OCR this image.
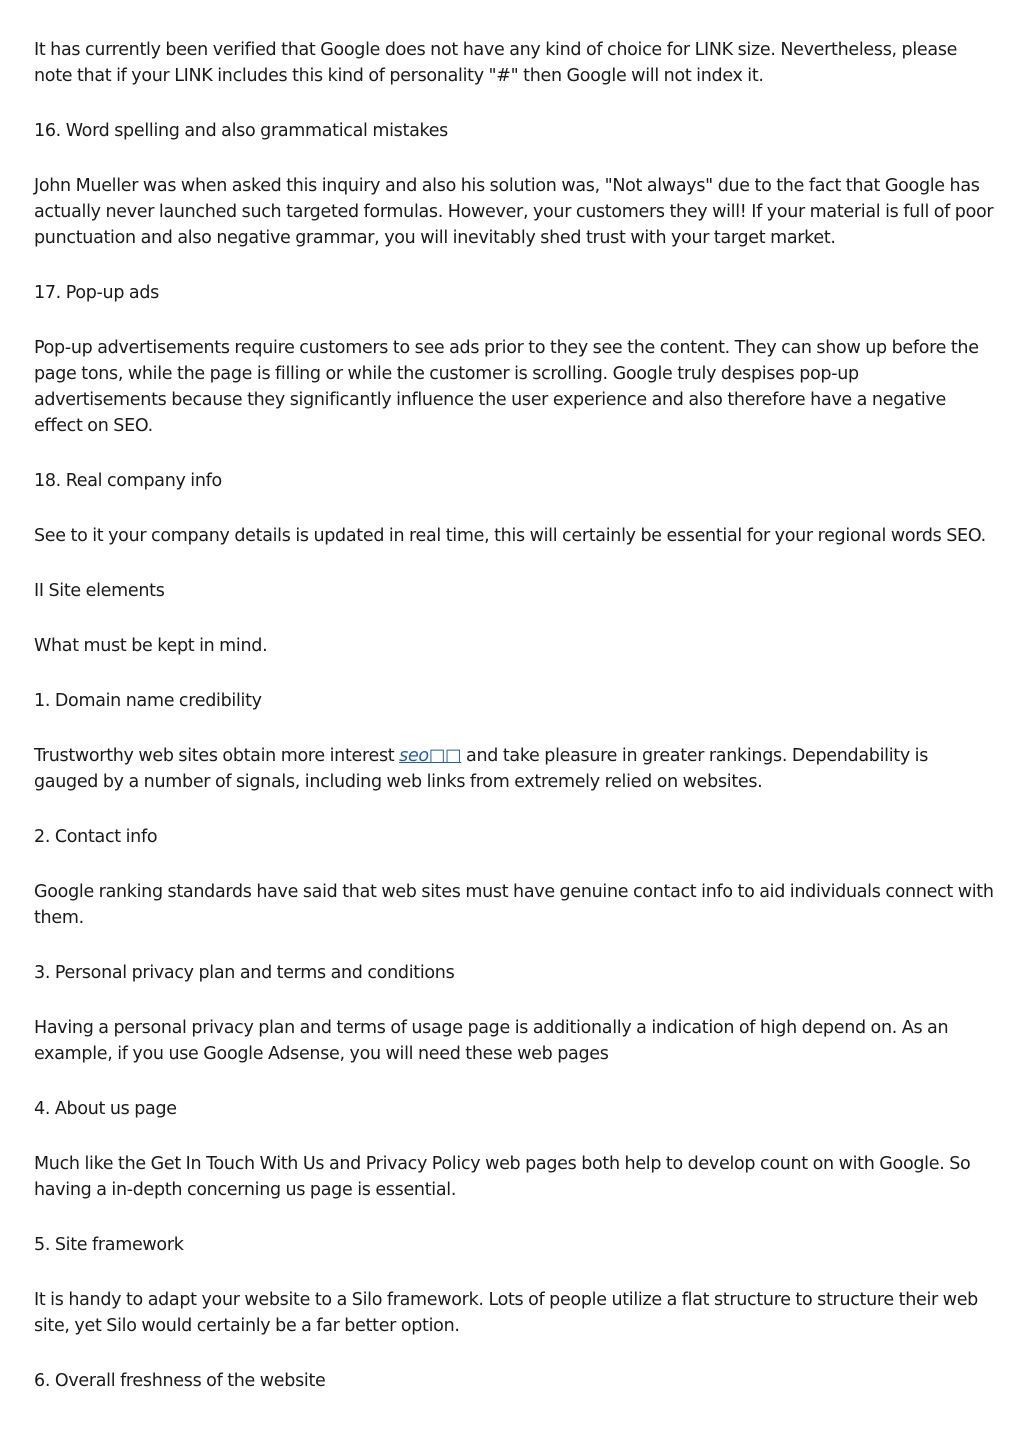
It has currently been verified that Google does not have any kind of choice for LINK size. Nevertheless, please note that if your LINK includes this kind of personality "#" then Google will not index it.

16. Word spelling and also grammatical mistakes

John Mueller was when asked this inquiry and also his solution was, "Not always" due to the fact that Google has actually never launched such targeted formulas. However, your customers they will! If your material is full of poor punctuation and also negative grammar, you will inevitably shed trust with your target market.

17. Pop-up ads

Pop-up advertisements require customers to see ads prior to they see the content. They can show up before the page tons, while the page is filling or while the customer is scrolling. Google truly despises pop-up advertisements because they significantly influence the user experience and also therefore have a negative effect on SEO.

18. Real company info

See to it your company details is updated in real time, this will certainly be essential for your regional words SEO.

II Site elements

What must be kept in mind.

1. Domain name credibility

Trustworthy web sites obtain more interest seo□□ and take pleasure in greater rankings. Dependability is gauged by a number of signals, including web links from extremely relied on websites.

2. Contact info

Google ranking standards have said that web sites must have genuine contact info to aid individuals connect with them.

3. Personal privacy plan and terms and conditions

Having a personal privacy plan and terms of usage page is additionally a indication of high depend on. As an example, if you use Google Adsense, you will need these web pages

4. About us page

Much like the Get In Touch With Us and Privacy Policy web pages both help to develop count on with Google. So having a in-depth concerning us page is essential.

5. Site framework

It is handy to adapt your website to a Silo framework. Lots of people utilize a flat structure to structure their web site, yet Silo would certainly be a far better option.

6. Overall freshness of the website
